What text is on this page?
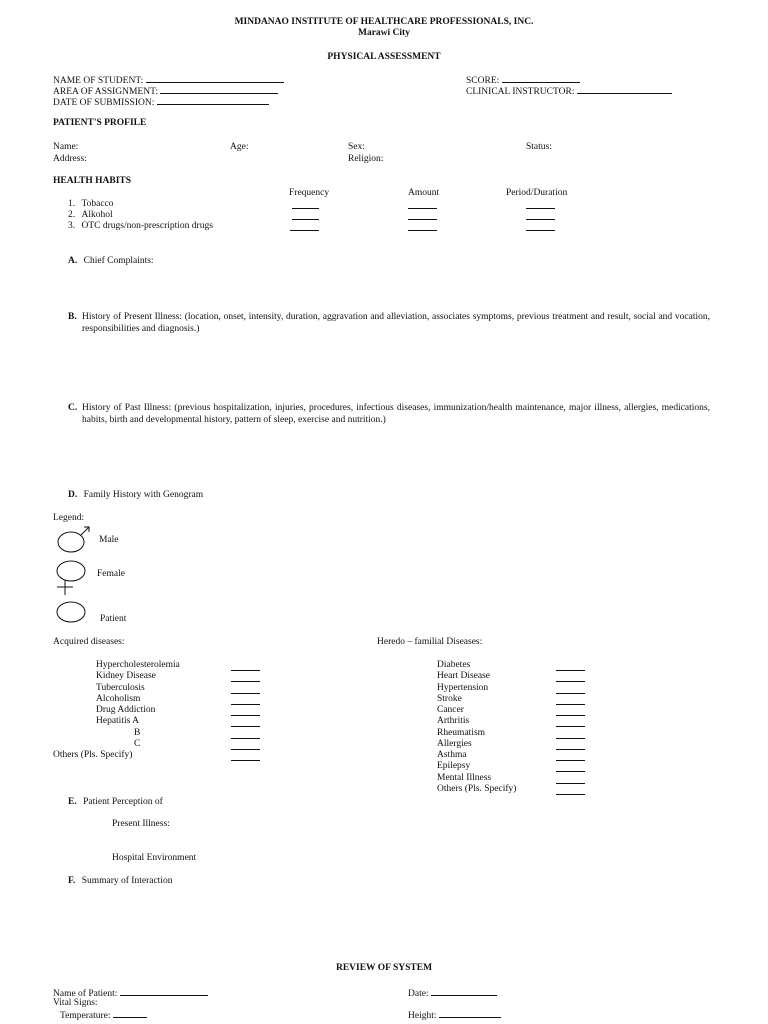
MINDANAO INSTITUTE OF HEALTHCARE PROFESSIONALS, INC.
Marawi City
PHYSICAL ASSESSMENT
NAME OF STUDENT:
AREA OF ASSIGNMENT:
DATE OF SUBMISSION:
SCORE:
CLINICAL INSTRUCTOR:
PATIENT'S PROFILE
Name:	Age:	Sex:	Status:
Address:	Religion:
HEALTH HABITS
Frequency	Amount	Period/Duration
1. Tobacco
2. Alkohol
3. OTC drugs/non-prescription drugs
A. Chief Complaints:
B. History of Present Illness: (location, onset, intensity, duration, aggravation and alleviation, associates symptoms, previous treatment and result, social and vocation, responsibilities and diagnosis.)
C. History of Past Illness: (previous hospitalization, injuries, procedures, infectious diseases, immunization/health maintenance, major illness, allergies, medications, habits, birth and developmental history, pattern of sleep, exercise and nutrition.)
D. Family History with Genogram
Legend:
Male
Female
Patient
Acquired diseases:
Hypercholesterolemia
Kidney Disease
Tuberculosis
Alcoholism
Drug Addiction
Hepatitis A
B
C
Others (Pls. Specify)
Heredo – familial Diseases:
Diabetes
Heart Disease
Hypertension
Stroke
Cancer
Arthritis
Rheumatism
Allergies
Asthma
Epilepsy
Mental Illness
Others (Pls. Specify)
E. Patient Perception of
Present Illness:
Hospital Environment
F. Summary of Interaction
REVIEW OF SYSTEM
Name of Patient:	Date:
Vital Signs:
Temperature:	Height:
